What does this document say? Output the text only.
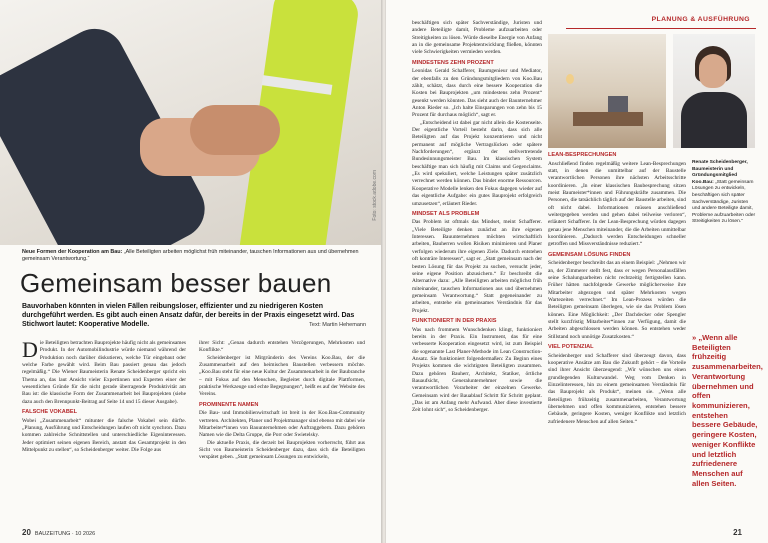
Foto: stock.adobe.com
Neue Formen der Kooperation am Bau: „Alle Beteiligten arbeiten möglichst früh miteinander, tauschen Informationen aus und übernehmen gemeinsam Verantwortung.“
Gemeinsam besser bauen
Bauvorhaben könnten in vielen Fällen reibungsloser, effizienter und zu niedrigeren Kosten durchgeführt werden. Es gibt auch einen Ansatz dafür, der bereits in der Praxis eingesetzt wird. Das Stichwort lautet: Kooperative Modelle.	Text: Martin Hehemann

Die Beteiligten betrachten Bauprojekte häufig nicht als gemeinsames Produkt. In der Automobilindustrie würde niemand während der Produktion noch darüber diskutieren, welche Tür eingebaut oder welche Farbe gewählt wird. Beim Bau passiert genau das jedoch regelmäßig.“ Die Wiener Baumeisterin Renate Scheidenberger spricht ein Thema an, das laut Ansicht vieler Expertinnen und Experten einer der wesentlichen Gründe für die nicht gerade überragende Produktivität am Bau ist: die klassische Form der Zusammenarbeit bei Bauprojekten (siehe dazu auch den Brennpunkt-Beitrag auf Seite 14 und 15 dieser Ausgabe).

FALSCHE VOKABEL

Wobei „Zusammenarbeit“ mitunter die falsche Vokabel sein dürfte. „Planung, Ausführung und Entscheidungen laufen oft nicht synchron. Dazu kommen zahlreiche Schnittstellen und unterschiedliche Eigeninteressen. Jeder optimiert seinen eigenen Bereich, anstatt das Gesamtprojekt in den Mittelpunkt zu stellen“, so Scheidenberger weiter. Die Folge aus

ihrer Sicht: „Genau dadurch entstehen Verzögerungen, Mehrkosten und Konflikte.“

Scheidenberger ist Mitgründerin des Vereins Koo.Bau, der die Zusammenarbeit auf den heimischen Baustellen verbessern möchte. „Koo.Bau steht für eine neue Kultur der Zusammenarbeit in der Baubranche – mit Fokus auf den Menschen, Begleitet durch digitale Plattformen, praktische Werkzeuge und echte Begegnungen“, heißt es auf der Website des Vereins.

PROMINENTE NAMEN

Die Bau- und Immobilienwirtschaft ist breit in der Koo.Bau-Community vertreten. Architekten, Planer und Projektmanager sind ebenso mit dabei wie Mitarbeiter*innen von Bauunternehmen oder Auftraggebern. Dazu gehören Namen wie die Delta Gruppe, die Porr oder Swietelsky.

Die aktuelle Praxis, die derzeit bei Bauprojekten vorherrscht, führt aus Sicht von Baumeisterin Scheidenberger dazu, dass sich die Beteiligten verspätet geben. „Statt gemeinsam Lösungen zu entwickeln,

20 BAUZEITUNG · 10 2026
PLANUNG & AUSFÜHRUNG

beschäftigen sich später Sachverständige, Juristen und andere Beteiligte damit, Probleme aufzuarbeiten oder Streitigkeiten zu lösen. Würde dieselbe Energie von Anfang an in die gemeinsame Projektentwicklung fließen, könnten viele Schwierigkeiten vermieden werden.

MINDESTENS ZEHN PROZENT

Leonidas Gerald Schafferer, Baumgenieur und Mediator, der ebenfalls zu den Gründungsmitgliedern von Koo.Bau zählt, schätzt, dass durch eine bessere Kooperation die Kosten bei Bauprojekten „um mindestens zehn Prozent“ gesenkt werden könnten. Das sieht auch der Baunternehmer Anton Rieder so. „Ich halte Einsparungen von zehn bis 15 Prozent für durchaus möglich“, sagt er.

„Entscheidend ist dabei gar nicht allein die Kostenseite. Der eigentliche Vorteil besteht darin, dass sich alle Beteiligten auf das Projekt konzentrieren und nicht permanent auf mögliche Vertragslücken oder spätere Nachforderungen“, ergänzt der stellvertretende Bundesinnungsmeister Bau. Im klassischen System beschäftige man sich häufig mit Claims und Gegenclaims. „Es wird spekuliert, welche Leistungen später zusätzlich verrechnet werden können. Das bindet enorme Ressourcen. Kooperative Modelle lenken den Fokus dagegen wieder auf das eigentliche Aufgabe: ein gutes Bauprojekt erfolgreich umzusetzen“, erläutert Rieder.

MINDSET ALS PROBLEM

Das Problem ist oftmals das Mindset, meint Schafferer. „Viele Beteiligte denken zunächst an ihre eigenen Interessen. Bauunternehmen möchten wirtschaftlich arbeiten, Bauherren wollen Risiken minimieren und Planer verfolgen wiederum ihre eigenen Ziele. Dadurch entstehen oft konträre Interessen“, sagt er. „Statt gemeinsam nach der besten Lösung für das Projekt zu suchen, versucht jeder, seine eigene Position abzusichern.“ Er beschreibt die Alternative dazu: „Alle Beteiligten arbeiten möglichst früh miteinander, tauschen Informationen aus und übernehmen gemeinsam Verantwortung.“ Statt gegeneinander zu arbeiten, entstehe ein gemeinsames Verständnis für das Projekt.

FUNKTIONIERT IN DER PRAXIS

Was nach frommem Wunschdenken klingt, funktioniert bereits in der Praxis. Ein Instrument, das für eine verbesserte Kooperation eingesetzt wird, ist zum Beispiel die sogenannte Last Planer-Methode im Lean Construction-Ansatz. Sie funktioniert folgendermaßen: Zu Beginn eines Projekts kommen die wichtigsten Beteiligten zusammen. Dazu gehören Bauherr, Architekt, Statiker, örtliche Bauaufsicht, Generalunternehmer sowie die verantwortlichen Vorarbeiter der einzelnen Gewerke. Gemeinsam wird der Bauablauf Schritt für Schritt geplant. „Das ist am Anfang mehr Aufwand. Aber diese investierte Zeit lohnt sich“, so Scheidenberger.

LEAN-BESPRECHUNGEN

Anschließend finden regelmäßig weitere Lean-Besprechungen statt, in denen die unmittelbar auf der Baustelle verantwortlichen Personen ihre nächsten Arbeitsschritte koordinieren. „In einer klassischen Baubesprechung sitzen meist Baumeister*innen und Führungskräfte zusammen. Die Personen, die tatsächlich täglich auf der Baustelle arbeiten, sind oft nicht dabei. Informationen müssen anschließend weitergegeben werden und gehen dabei teilweise verloren“, erläutert Schafferer. In der Lean-Besprechung würden dagegen genau jene Menschen miteinander, die die Arbeiten unmittelbar koordinieren. „Dadurch werden Entscheidungen schneller getroffen und Missverständnisse reduziert.“

GEMEINSAM LÖSUNG FINDEN

Scheidenberger beschreibt das an einem Beispiel: „Nehmen wir an, der Zimmerer stellt fest, dass er wegen Personalausfällen seine Schalungsarbeiten nicht rechtzeitig fertigstellen kann. Früher hätten nachfolgende Gewerke möglicherweise ihre Mitarbeiter abgezogen und später Mehrkosten wegen Wartezeiten verrechnet.“ Im Lean-Prozess würden die Beteiligten gemeinsam überlegen, wie sie das Problem lösen können. Eine Möglichkeit: „Der Dachdecker oder Spengler stellt kurzfristig Mitarbeiter*innen zur Verfügung, damit die Arbeiten abgeschlossen werden können. So entstehen weder Stillstand noch unnötige Zusatzkosten.“

VIEL POTENZIAL

Scheidenberger und Schafferer sind überzeugt davon, dass kooperative Ansätze am Bau die Zukunft gehört – die Vorteile sind ihrer Ansicht überzeugend: „Wir wünschen uns einen grundlegenden Kulturwandel. Weg vom Denken in Einzelinteressen, hin zu einem gemeinsamen Verständnis für das Bauprojekt als Produkt“, meinen sie. „Wenn alle Beteiligten frühzeitig zusammenarbeiten, Verantwortung übernehmen und offen kommunizieren, entstehen bessere Gebäude, geringere Kosten, weniger Konflikte und letztlich zufriedenere Menschen auf allen Seiten.“

Renate Scheidenberger, Baumeisterin und Gründungsmitglied Koo.Bau: „Statt gemeinsam Lösungen zu entwickeln, beschäftigen sich später Sachverständige, Juristen und andere Beteiligte damit, Probleme aufzuarbeiten oder Streitigkeiten zu lösen.“
» „Wenn alle Beteiligten frühzeitig zusammenarbeiten, Verantwortung übernehmen und offen kommunizieren, entstehen bessere Gebäude, geringere Kosten, weniger Konflikte und letztlich zufriedenere Menschen auf allen Seiten.
21
